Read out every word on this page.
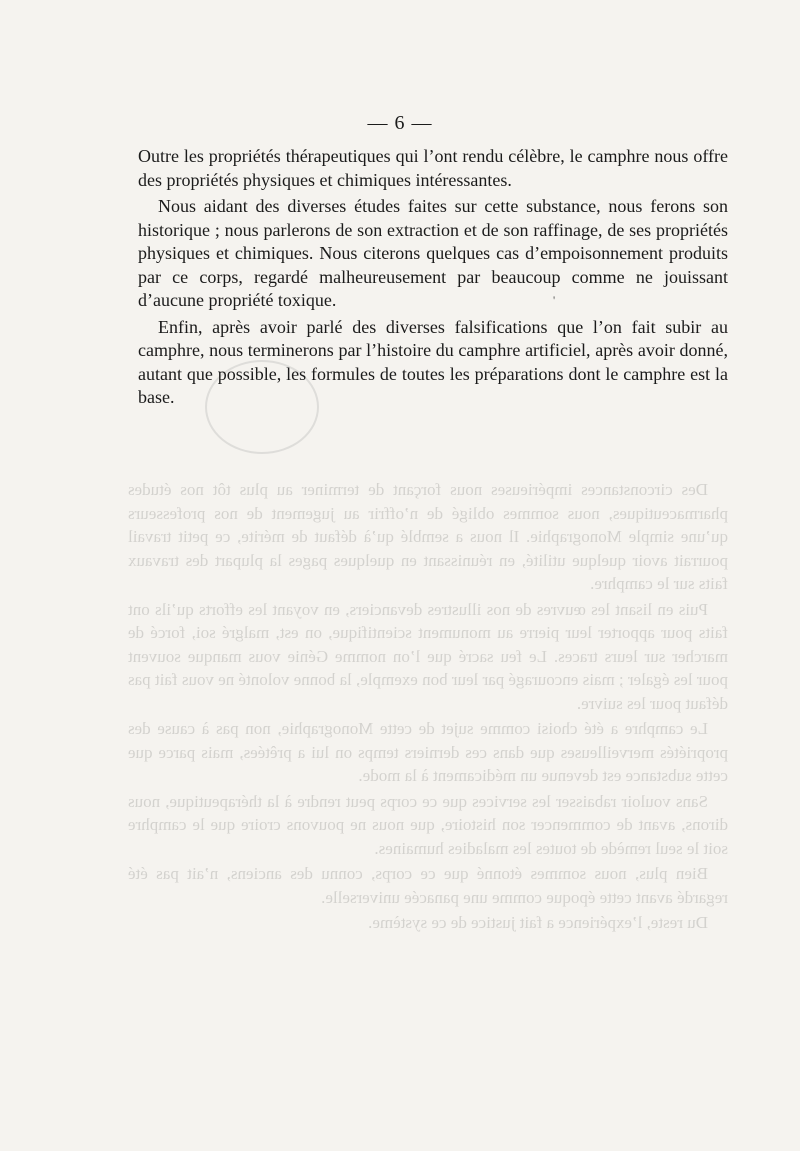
Des circonstances impérieuses nous forçant de terminer au plus tôt nos études pharmaceutiques, nous sommes obligé de n’offrir au jugement de nos professeurs qu’une simple Monographie. Il nous a semblé qu’à défaut de mérite, ce petit travail pourrait avoir quelque utilité, en réunissant en quelques pages la plupart des travaux faits sur le camphre.

Puis en lisant les œuvres de nos illustres devanciers, en voyant les efforts qu’ils ont faits pour apporter leur pierre au monument scientifique, on est, malgré soi, forcé de marcher sur leurs traces. Le feu sacré que l’on nomme Génie vous manque souvent pour les égaler ; mais encouragé par leur bon exemple, la bonne volonté ne vous fait pas défaut pour les suivre.

Le camphre a été choisi comme sujet de cette Monographie, non pas à cause des propriétés merveilleuses que dans ces derniers temps on lui a prêtées, mais parce que cette substance est devenue un médicament à la mode.

Sans vouloir rabaisser les services que ce corps peut rendre à la thérapeutique, nous dirons, avant de commencer son histoire, que nous ne pouvons croire que le camphre soit le seul remède de toutes les maladies humaines.

Bien plus, nous sommes étonné que ce corps, connu des anciens, n’ait pas été regardé avant cette époque comme une panacée universelle.

Du reste, l’expérience a fait justice de ce système.

— 6 —

Outre les propriétés thérapeutiques qui l’ont rendu célèbre, le camphre nous offre des propriétés physiques et chimiques intéressantes.

Nous aidant des diverses études faites sur cette substance, nous ferons son historique ; nous parlerons de son extraction et de son raffinage, de ses propriétés physiques et chimiques. Nous citerons quelques cas d’empoisonnement produits par ce corps, regardé malheureusement par beaucoup comme ne jouissant d’aucune propriété toxique.

Enfin, après avoir parlé des diverses falsifications que l’on fait subir au camphre, nous terminerons par l’histoire du camphre artificiel, après avoir donné, autant que possible, les formules de toutes les préparations dont le camphre est la base.

'
